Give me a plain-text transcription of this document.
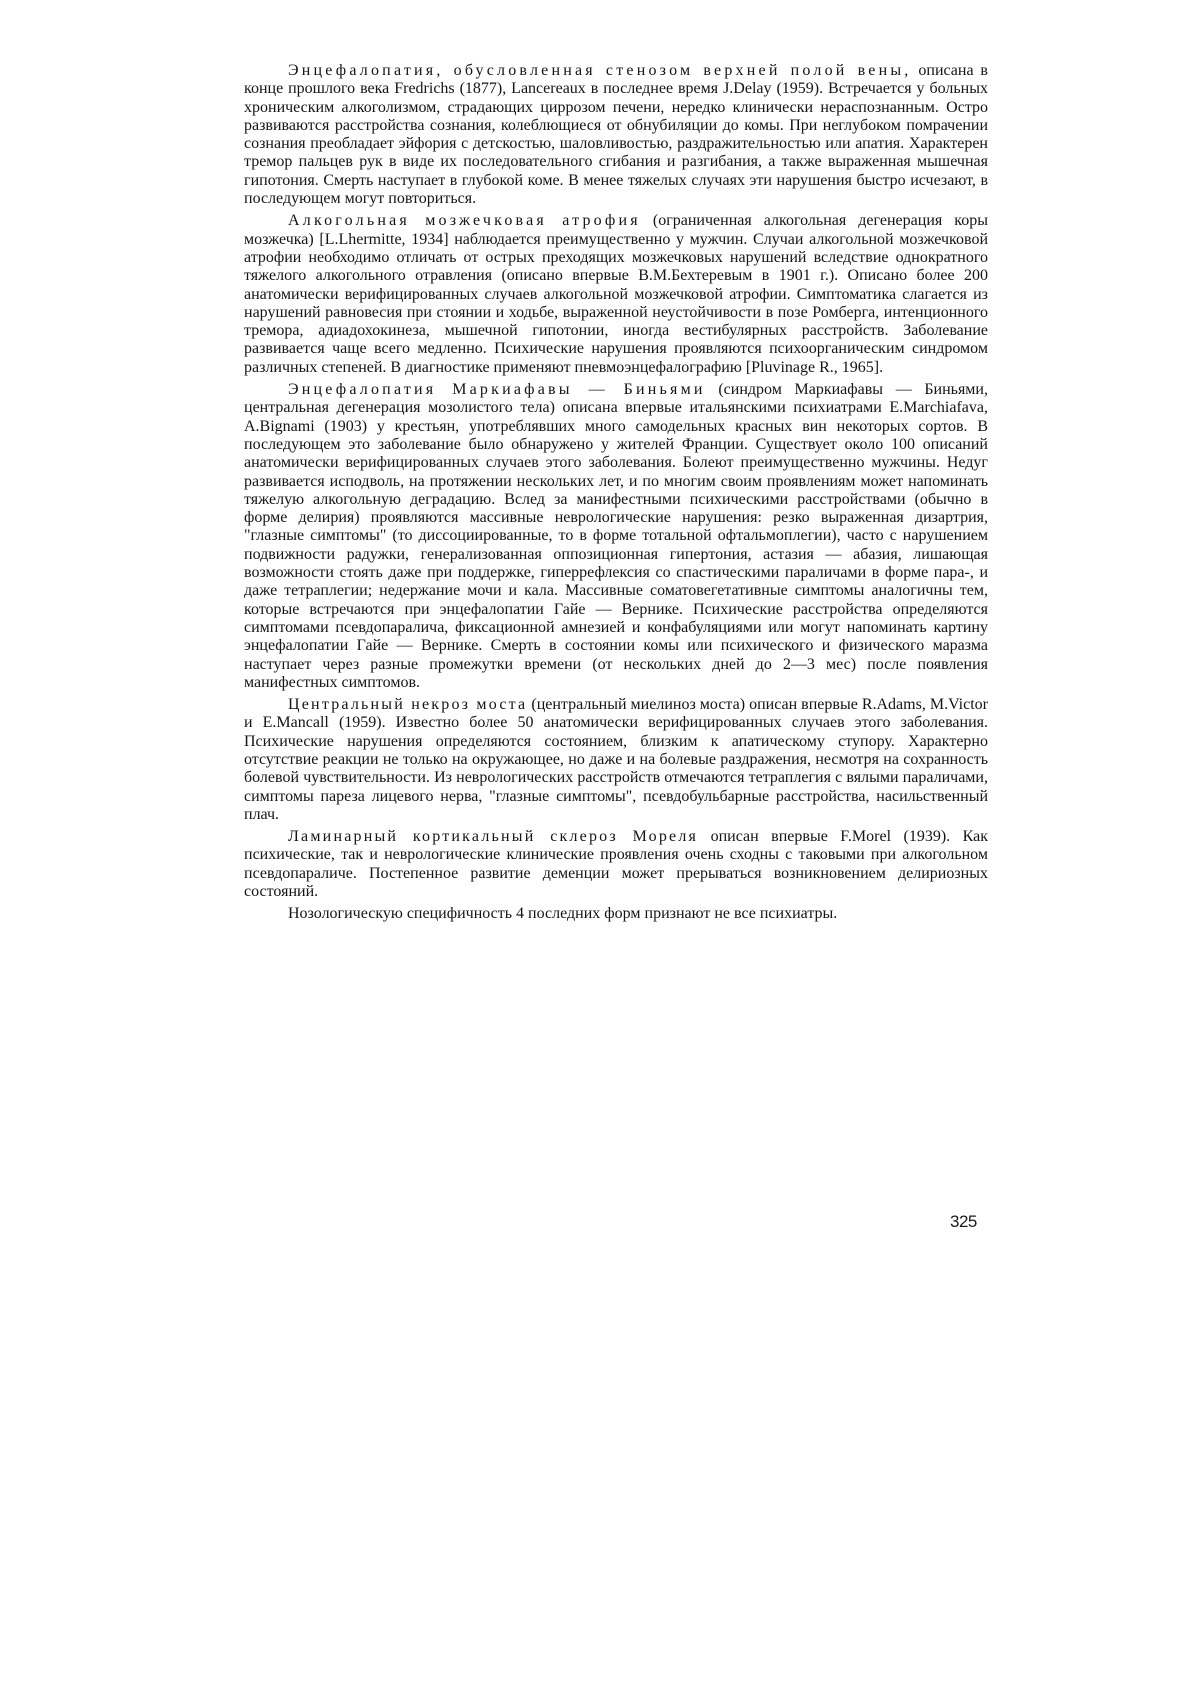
Энцефалопатия, обусловленная стенозом верхней полой вены, описана в конце прошлого века Fredrichs (1877), Lancereaux в последнее время J.Delay (1959). Встречается у больных хроническим алкоголизмом, страдающих циррозом печени, нередко клинически нераспознанным. Остро развиваются расстройства сознания, колеблющиеся от обнубиляции до комы. При неглубоком помрачении сознания преобладает эйфория с детскостью, шаловливостью, раздражительностью или апатия. Характерен тремор пальцев рук в виде их последовательного сгибания и разгибания, а также выраженная мышечная гипотония. Смерть наступает в глубокой коме. В менее тяжелых случаях эти нарушения быстро исчезают, в последующем могут повториться.

Алкогольная мозжечковая атрофия (ограниченная алкогольная дегенерация коры мозжечка) [L.Lhermitte, 1934] наблюдается преимущественно у мужчин. Случаи алкогольной мозжечковой атрофии необходимо отличать от острых преходящих мозжечковых нарушений вследствие однократного тяжелого алкогольного отравления (описано впервые В.М.Бехтеревым в 1901 г.). Описано более 200 анатомически верифицированных случаев алкогольной мозжечковой атрофии. Симптоматика слагается из нарушений равновесия при стоянии и ходьбе, выраженной неустойчивости в позе Ромберга, интенционного тремора, адиадохокинеза, мышечной гипотонии, иногда вестибулярных расстройств. Заболевание развивается чаще всего медленно. Психические нарушения проявляются психоорганическим синдромом различных степеней. В диагностике применяют пневмоэнцефалографию [Pluvinage R., 1965].

Энцефалопатия Маркиафавы — Биньями (синдром Маркиафавы — Биньями, центральная дегенерация мозолистого тела) описана впервые итальянскими психиатрами E.Marchiafava, A.Bignami (1903) у крестьян, употреблявших много самодельных красных вин некоторых сортов. В последующем это заболевание было обнаружено у жителей Франции. Существует около 100 описаний анатомически верифицированных случаев этого заболевания. Болеют преимущественно мужчины. Недуг развивается исподволь, на протяжении нескольких лет, и по многим своим проявлениям может напоминать тяжелую алкогольную деградацию. Вслед за манифестными психическими расстройствами (обычно в форме делирия) проявляются массивные неврологические нарушения: резко выраженная дизартрия, "глазные симптомы" (то диссоциированные, то в форме тотальной офтальмоплегии), часто с нарушением подвижности радужки, генерализованная оппозиционная гипертония, астазия — абазия, лишающая возможности стоять даже при поддержке, гиперрефлексия со спастическими параличами в форме пара-, и даже тетраплегии; недержание мочи и кала. Массивные соматовегетативные симптомы аналогичны тем, которые встречаются при энцефалопатии Гайе — Вернике. Психические расстройства определяются симптомами псевдопаралича, фиксационной амнезией и конфабуляциями или могут напоминать картину энцефалопатии Гайе — Вернике. Смерть в состоянии комы или психического и физического маразма наступает через разные промежутки времени (от нескольких дней до 2—3 мес) после появления манифестных симптомов.

Центральный некроз моста (центральный миелиноз моста) описан впервые R.Adams, M.Victor и E.Mancall (1959). Известно более 50 анатомически верифицированных случаев этого заболевания. Психические нарушения определяются состоянием, близким к апатическому ступору. Характерно отсутствие реакции не только на окружающее, но даже и на болевые раздражения, несмотря на сохранность болевой чувствительности. Из неврологических расстройств отмечаются тетраплегия с вялыми параличами, симптомы пареза лицевого нерва, "глазные симптомы", псевдобульбарные расстройства, насильственный плач.

Ламинарный кортикальный склероз Мореля описан впервые F.Morel (1939). Как психические, так и неврологические клинические проявления очень сходны с таковыми при алкогольном псевдопараличе. Постепенное развитие деменции может прерываться возникновением делириозных состояний.

Нозологическую специфичность 4 последних форм признают не все психиатры.

325
